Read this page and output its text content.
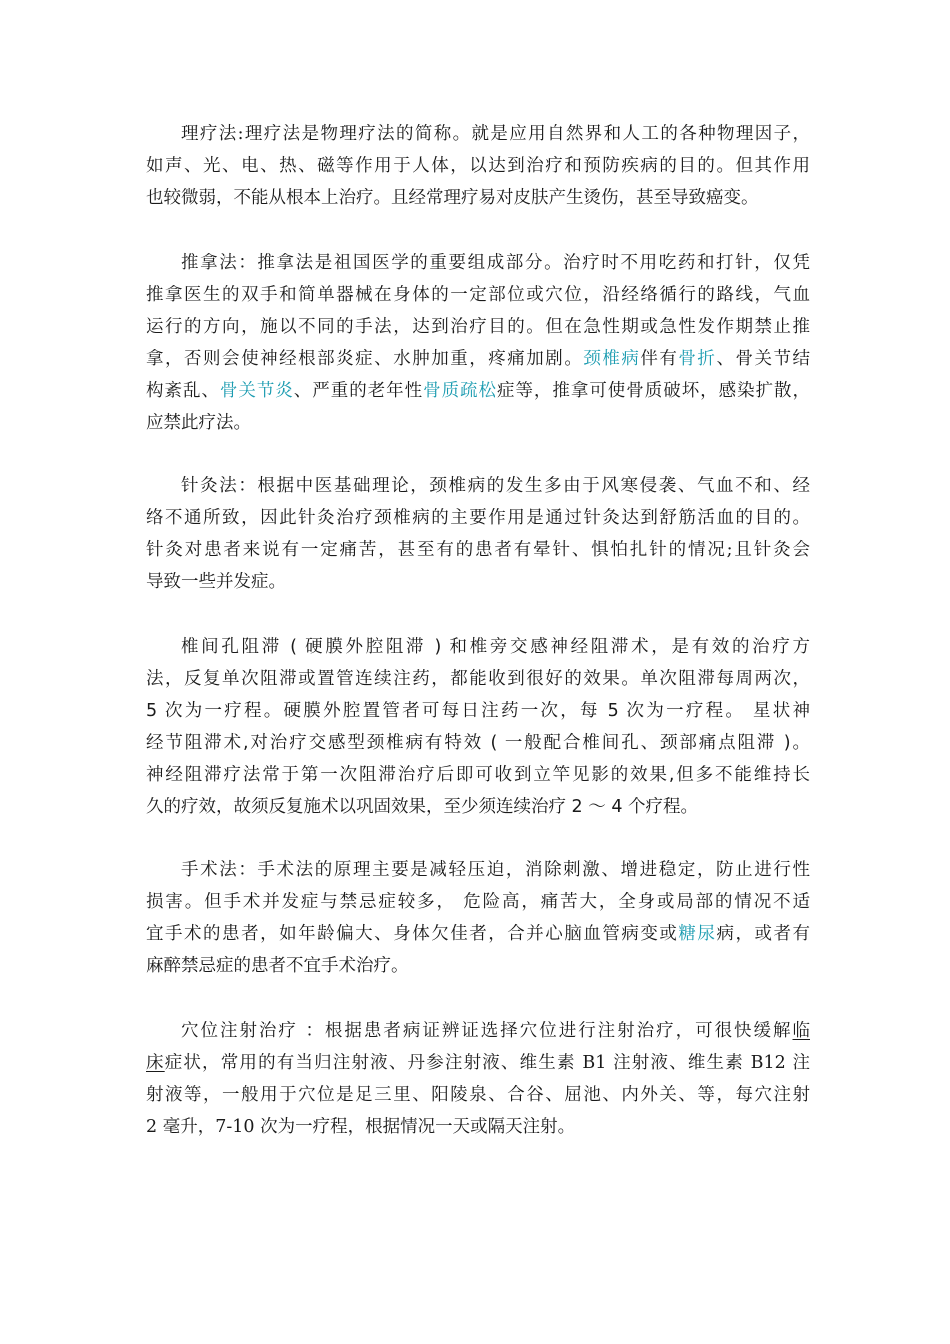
理疗法:理疗法是物理疗法的简称。就是应用自然界和人工的各种物理因子，
如声、光、电、热、磁等作用于人体，以达到治疗和预防疾病的目的。但其作用
也较微弱，不能从根本上治疗。且经常理疗易对皮肤产生烫伤，甚至导致癌变。
推拿法：推拿法是祖国医学的重要组成部分。治疗时不用吃药和打针，仅凭
推拿医生的双手和简单器械在身体的一定部位或穴位，沿经络循行的路线，气血
运行的方向，施以不同的手法，达到治疗目的。但在急性期或急性发作期禁止推
拿，否则会使神经根部炎症、水肿加重，疼痛加剧。颈椎病伴有骨折、骨关节结
构紊乱、骨关节炎、严重的老年性骨质疏松症等，推拿可使骨质破坏，感染扩散，
应禁此疗法。
针灸法：根据中医基础理论，颈椎病的发生多由于风寒侵袭、气血不和、经
络不通所致，因此针灸治疗颈椎病的主要作用是通过针灸达到舒筋活血的目的。
针灸对患者来说有一定痛苦，甚至有的患者有晕针、惧怕扎针的情况;且针灸会
导致一些并发症。
椎间孔阻滞 ( 硬膜外腔阻滞 ) 和椎旁交感神经阻滞术，是有效的治疗方
法，反复单次阻滞或置管连续注药，都能收到很好的效果。单次阻滞每周两次，
5 次为一疗程。硬膜外腔置管者可每日注药一次，每 5 次为一疗程。 星状神
经节阻滞术,对治疗交感型颈椎病有特效 ( 一般配合椎间孔、颈部痛点阻滞 )。
神经阻滞疗法常于第一次阻滞治疗后即可收到立竿见影的效果,但多不能维持长
久的疗效，故须反复施术以巩固效果，至少须连续治疗 2 ～ 4 个疗程。
手术法：手术法的原理主要是减轻压迫，消除刺激、增进稳定，防止进行性
损害。但手术并发症与禁忌症较多， 危险高，痛苦大，全身或局部的情况不适
宜手术的患者，如年龄偏大、身体欠佳者，合并心脑血管病变或糖尿病，或者有
麻醉禁忌症的患者不宜手术治疗。
穴位注射治疗 ：根据患者病证辨证选择穴位进行注射治疗，可很快缓解临
床症状，常用的有当归注射液、丹参注射液、维生素 B1 注射液、维生素 B12 注
射液等，一般用于穴位是足三里、阳陵泉、合谷、屈池、内外关、等，每穴注射
2 毫升，7-10 次为一疗程，根据情况一天或隔天注射。
